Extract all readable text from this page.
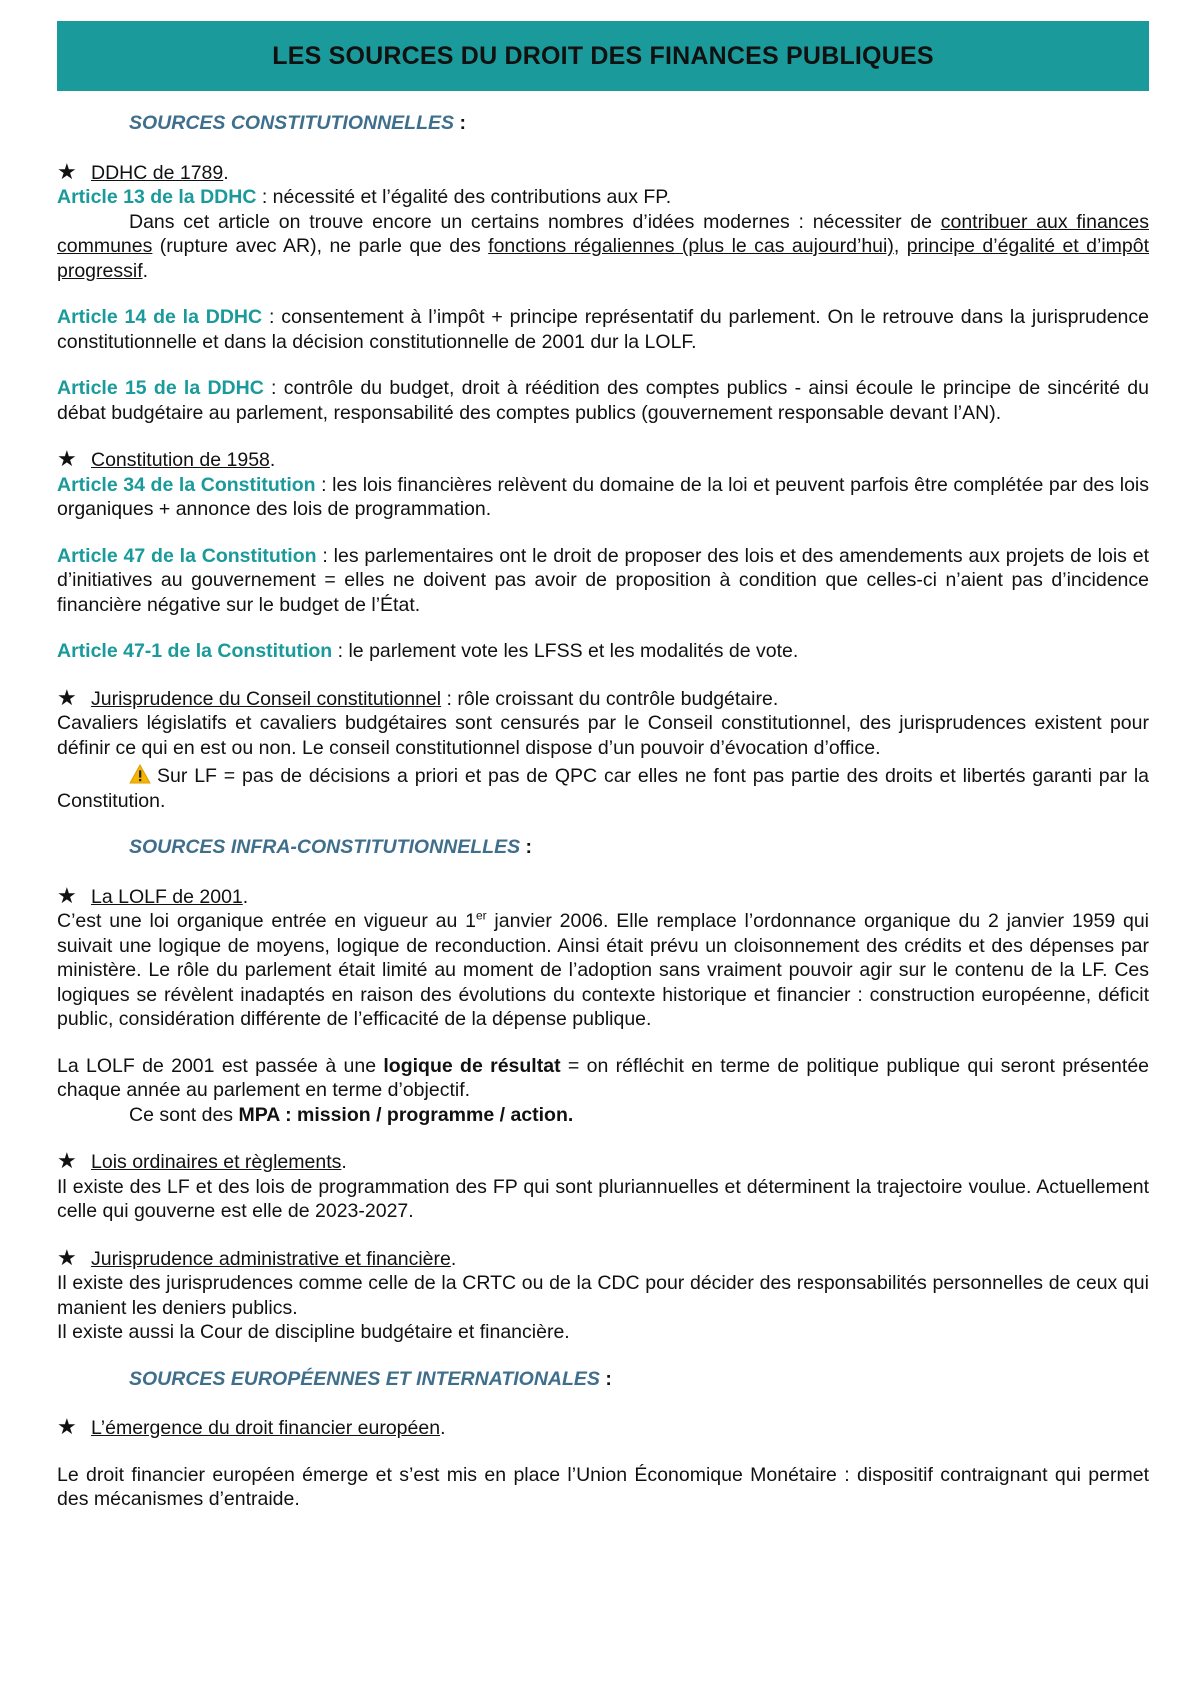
LES SOURCES DU DROIT DES FINANCES PUBLIQUES

SOURCES CONSTITUTIONNELLES :

★ DDHC de 1789.

Article 13 de la DDHC : nécessité et l’égalité des contributions aux FP.

Dans cet article on trouve encore un certains nombres d’idées modernes : nécessiter de contribuer aux finances communes (rupture avec AR), ne parle que des fonctions régaliennes (plus le cas aujourd’hui), principe d’égalité et d’impôt progressif.

Article 14 de la DDHC : consentement à l’impôt + principe représentatif du parlement. On le retrouve dans la jurisprudence constitutionnelle et dans la décision constitutionnelle de 2001 dur la LOLF.

Article 15 de la DDHC : contrôle du budget, droit à réédition des comptes publics - ainsi écoule le principe de sincérité du débat budgétaire au parlement, responsabilité des comptes publics (gouvernement responsable devant l’AN).

★ Constitution de 1958.

Article 34 de la Constitution : les lois financières relèvent du domaine de la loi et peuvent parfois être complétée par des lois organiques + annonce des lois de programmation.

Article 47 de la Constitution : les parlementaires ont le droit de proposer des lois et des amendements aux projets de lois et d’initiatives au gouvernement = elles ne doivent pas avoir de proposition à condition que celles-ci n’aient pas d’incidence financière négative sur le budget de l’État.

Article 47-1 de la Constitution : le parlement vote les LFSS et les modalités de vote.

★ Jurisprudence du Conseil constitutionnel : rôle croissant du contrôle budgétaire.

Cavaliers législatifs et cavaliers budgétaires sont censurés par le Conseil constitutionnel, des jurisprudences existent pour définir ce qui en est ou non. Le conseil constitutionnel dispose d’un pouvoir d’évocation d’office.

Sur LF = pas de décisions a priori et pas de QPC car elles ne font pas partie des droits et libertés garanti par la Constitution.

SOURCES INFRA-CONSTITUTIONNELLES :

★ La LOLF de 2001.

C’est une loi organique entrée en vigueur au 1er janvier 2006. Elle remplace l’ordonnance organique du 2 janvier 1959 qui suivait une logique de moyens, logique de reconduction. Ainsi était prévu un cloisonnement des crédits et des dépenses par ministère. Le rôle du parlement était limité au moment de l’adoption sans vraiment pouvoir agir sur le contenu de la LF. Ces logiques se révèlent inadaptés en raison des évolutions du contexte historique et financier : construction européenne, déficit public, considération différente de l’efficacité de la dépense publique.

La LOLF de 2001 est passée à une logique de résultat = on réfléchit en terme de politique publique qui seront présentée chaque année au parlement en terme d’objectif.

Ce sont des MPA : mission / programme / action.

★ Lois ordinaires et règlements.

Il existe des LF et des lois de programmation des FP qui sont pluriannuelles et déterminent la trajectoire voulue. Actuellement celle qui gouverne est elle de 2023-2027.

★ Jurisprudence administrative et financière.

Il existe des jurisprudences comme celle de la CRTC ou de la CDC pour décider des responsabilités personnelles de ceux qui manient les deniers publics.

Il existe aussi la Cour de discipline budgétaire et financière.

SOURCES EUROPÉENNES ET INTERNATIONALES :

★ L’émergence du droit financier européen.

Le droit financier européen émerge et s’est mis en place l’Union Économique Monétaire : dispositif contraignant qui permet des mécanismes d’entraide.
